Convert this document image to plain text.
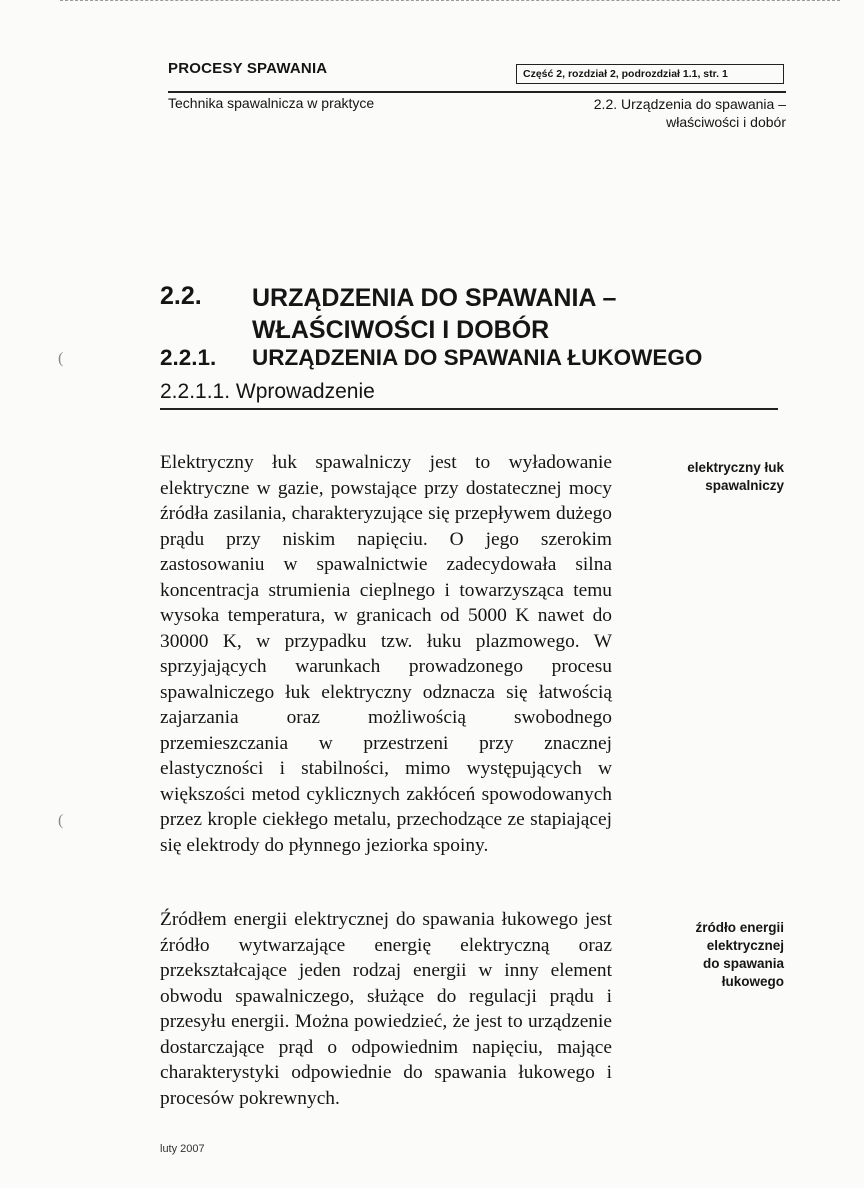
PROCESY SPAWANIA	Część 2, rozdział 2, podrozdział 1.1, str. 1
Technika spawalnicza w praktyce	2.2. Urządzenia do spawania –
właściwości i dobór
2.2. URZĄDZENIA DO SPAWANIA –
WŁAŚCIWOŚCI I DOBÓR
2.2.1. URZĄDZENIA DO SPAWANIA ŁUKOWEGO
2.2.1.1. Wprowadzenie
(
(

Elektryczny łuk spawalniczy jest to wyładowanie elektryczne w gazie, powstające przy dostatecznej mocy źródła zasilania, charakteryzujące się przepływem dużego prądu przy niskim napięciu. O jego szerokim zastosowaniu w spawalnictwie zadecydowała silna koncentracja strumienia cieplnego i towarzysząca temu wysoka temperatura, w granicach od 5000 K nawet do 30000 K, w przypadku tzw. łuku plazmowego. W sprzyjających warunkach prowadzonego procesu spawalniczego łuk elektryczny odznacza się łatwością zajarzania oraz możliwością swobodnego przemieszczania w przestrzeni przy znacznej elastyczności i stabilności, mimo występujących w większości metod cyklicznych zakłóceń spowodowanych przez krople ciekłego metalu, przechodzące ze stapiającej się elektrody do płynnego jeziorka spoiny.

elektryczny łuk
spawalniczy

Źródłem energii elektrycznej do spawania łukowego jest źródło wytwarzające energię elektryczną oraz przekształcające jeden rodzaj energii w inny element obwodu spawalniczego, służące do regulacji prądu i przesyłu energii. Można powiedzieć, że jest to urządzenie dostarczające prąd o odpowiednim napięciu, mające charakterystyki odpowiednie do spawania łukowego i procesów pokrewnych.

źródło energii
elektrycznej
do spawania
łukowego
luty 2007
